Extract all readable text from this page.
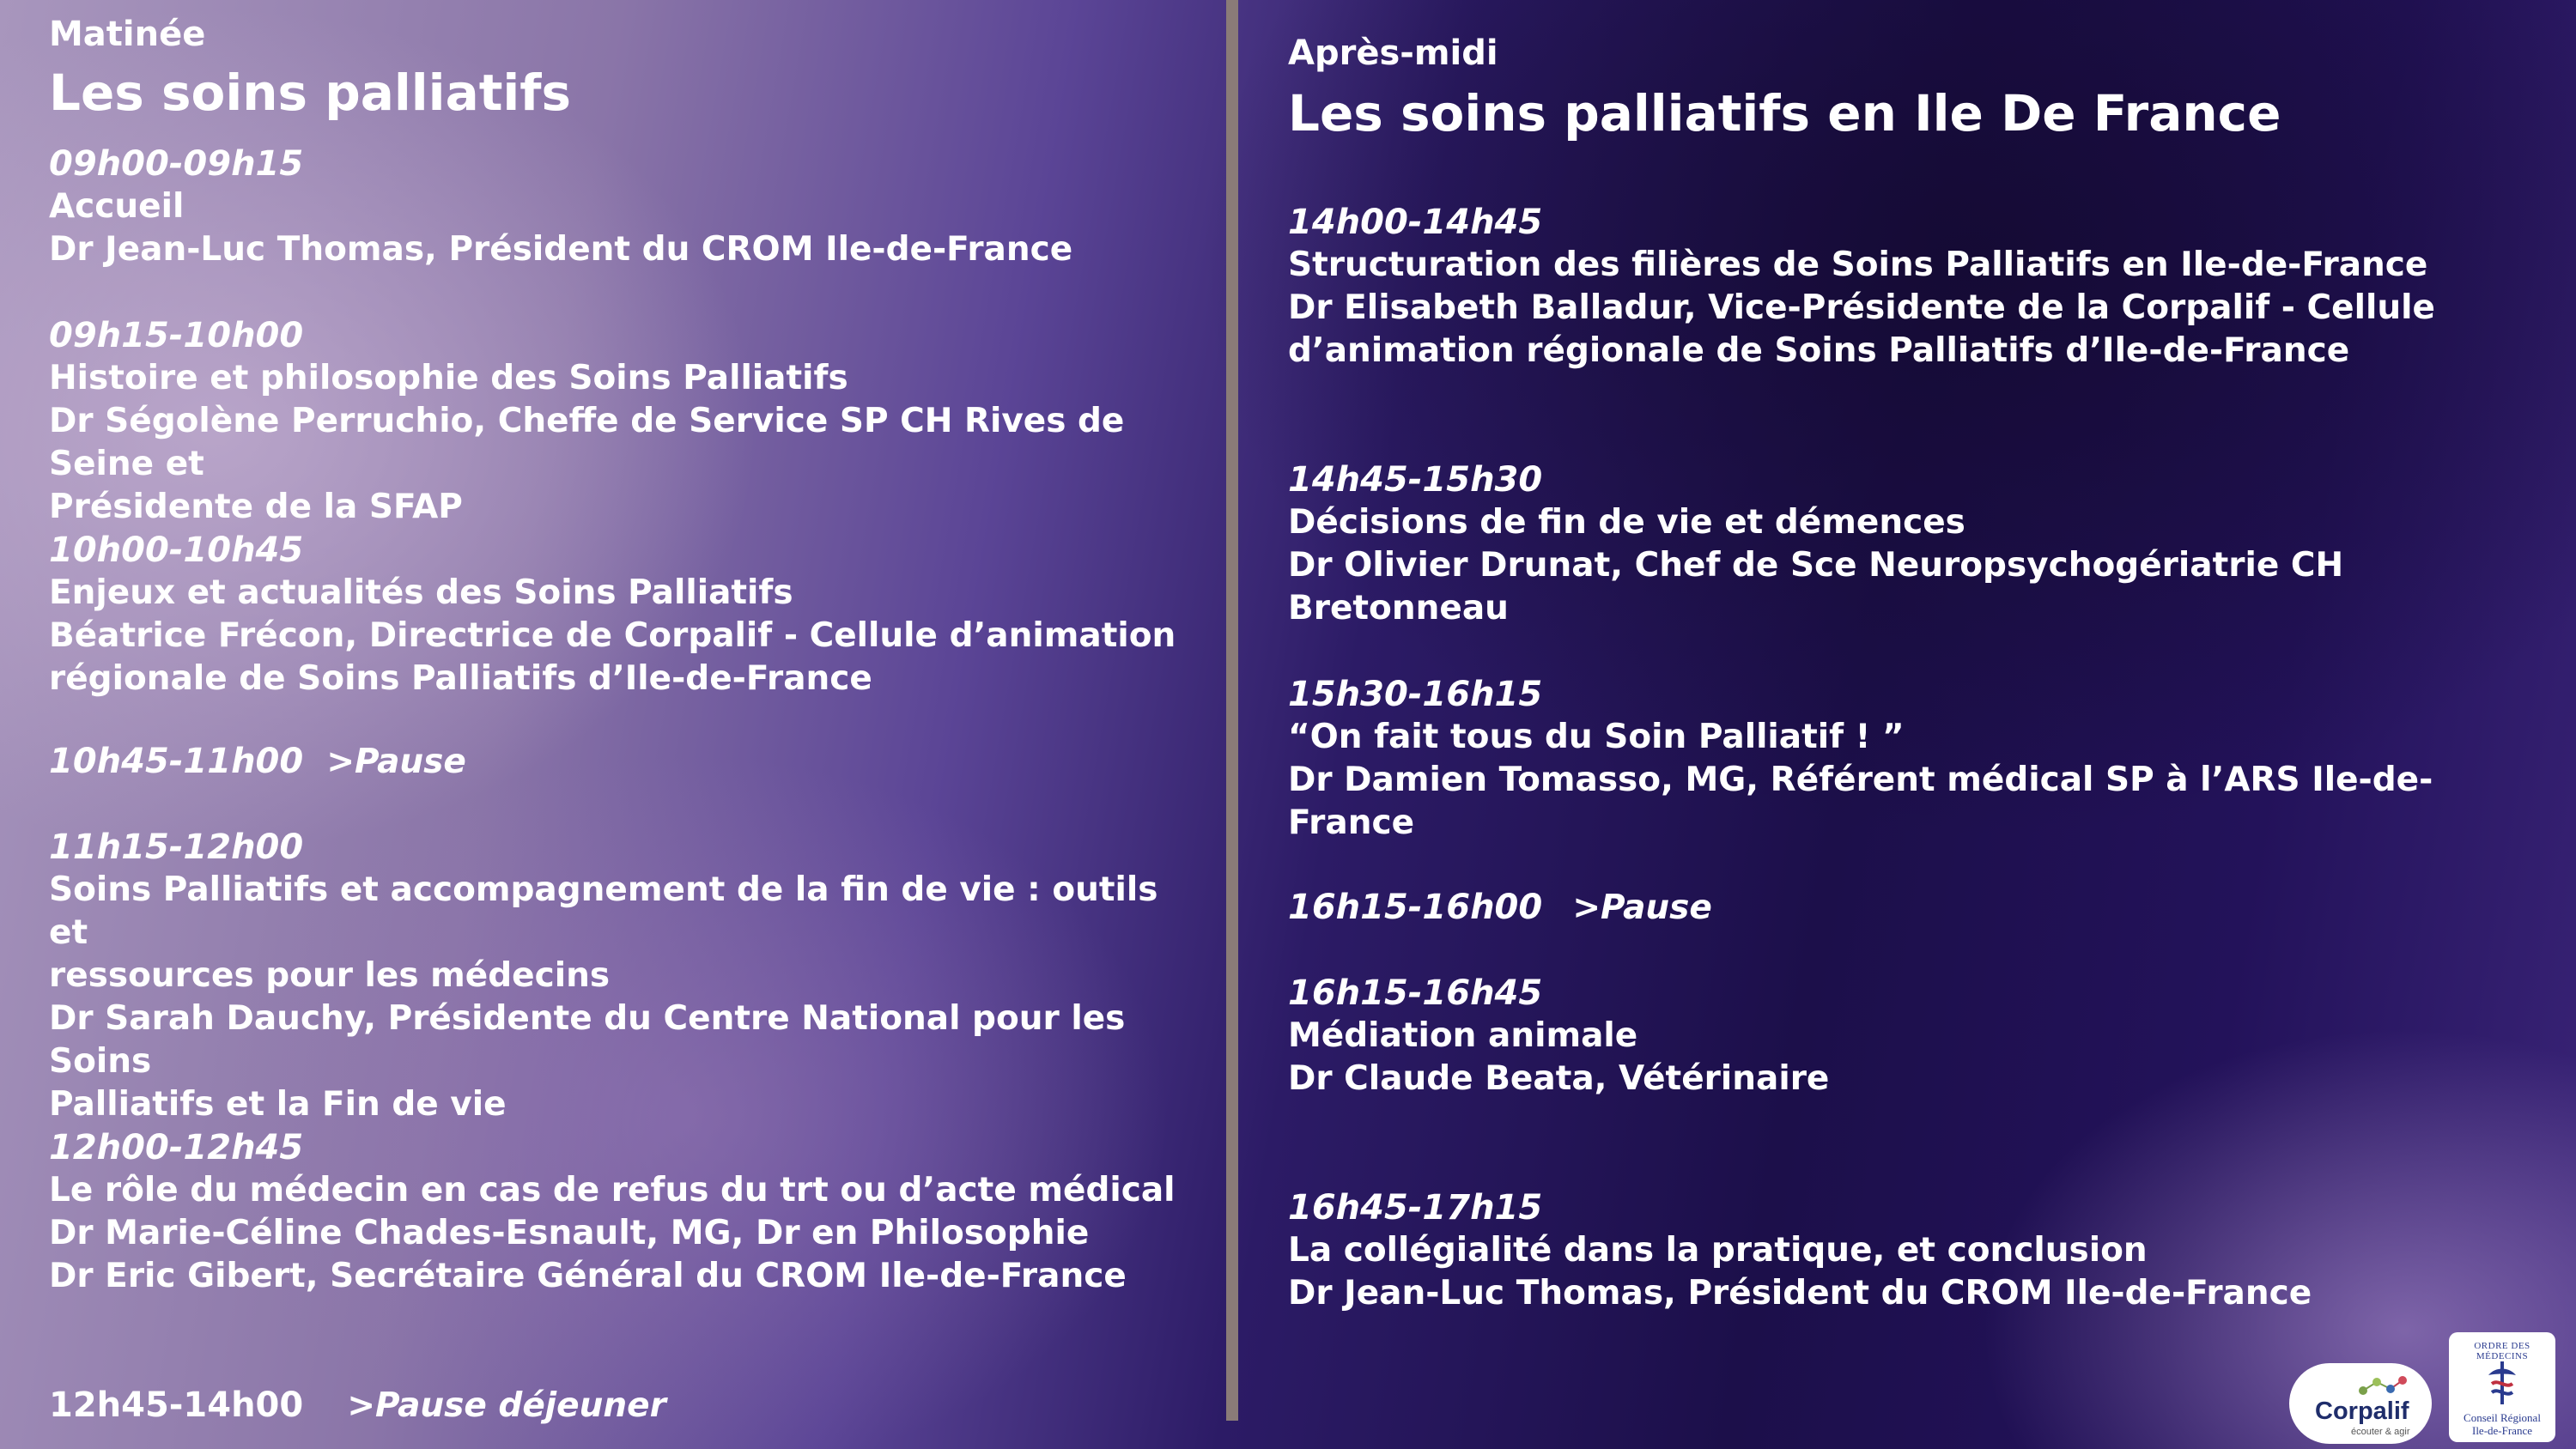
Matinée
Les soins palliatifs
09h00-09h15
Accueil
Dr Jean-Luc Thomas, Président du CROM Ile-de-France
09h15-10h00
Histoire et philosophie des Soins Palliatifs
Dr Ségolène Perruchio, Cheffe de Service SP CH Rives de Seine et
Présidente de la SFAP
10h00-10h45
Enjeux et actualités des Soins Palliatifs
Béatrice Frécon, Directrice de Corpalif - Cellule d’animation
régionale de Soins Palliatifs d’Ile-de-France
10h45-11h00 >Pause
11h15-12h00
Soins Palliatifs et accompagnement de la fin de vie : outils et
ressources pour les médecins
Dr Sarah Dauchy, Présidente du Centre National pour les Soins
Palliatifs et la Fin de vie
12h00-12h45
Le rôle du médecin en cas de refus du trt ou d’acte médical
Dr Marie-Céline Chades-Esnault, MG, Dr en Philosophie
Dr Eric Gibert, Secrétaire Général du CROM Ile-de-France
12h45-14h00 >Pause déjeuner
Après-midi
Les soins palliatifs en Ile De France
14h00-14h45
Structuration des filières de Soins Palliatifs en Ile-de-France
Dr Elisabeth Balladur, Vice-Présidente de la Corpalif - Cellule
d’animation régionale de Soins Palliatifs d’Ile-de-France
14h45-15h30
Décisions de fin de vie et démences
Dr Olivier Drunat, Chef de Sce Neuropsychogériatrie CH Bretonneau
15h30-16h15
“On fait tous du Soin Palliatif ! ”
Dr Damien Tomasso, MG, Référent médical SP à l’ARS Ile-de-France
16h15-16h00 >Pause
16h15-16h45
Médiation animale
Dr Claude Beata, Vétérinaire
16h45-17h15
La collégialité dans la pratique, et conclusion
Dr Jean-Luc Thomas, Président du CROM Ile-de-France
Corpalif
écouter & agir
ORDRE DES MÉDECINS
Conseil Régional
Ile-de-France
